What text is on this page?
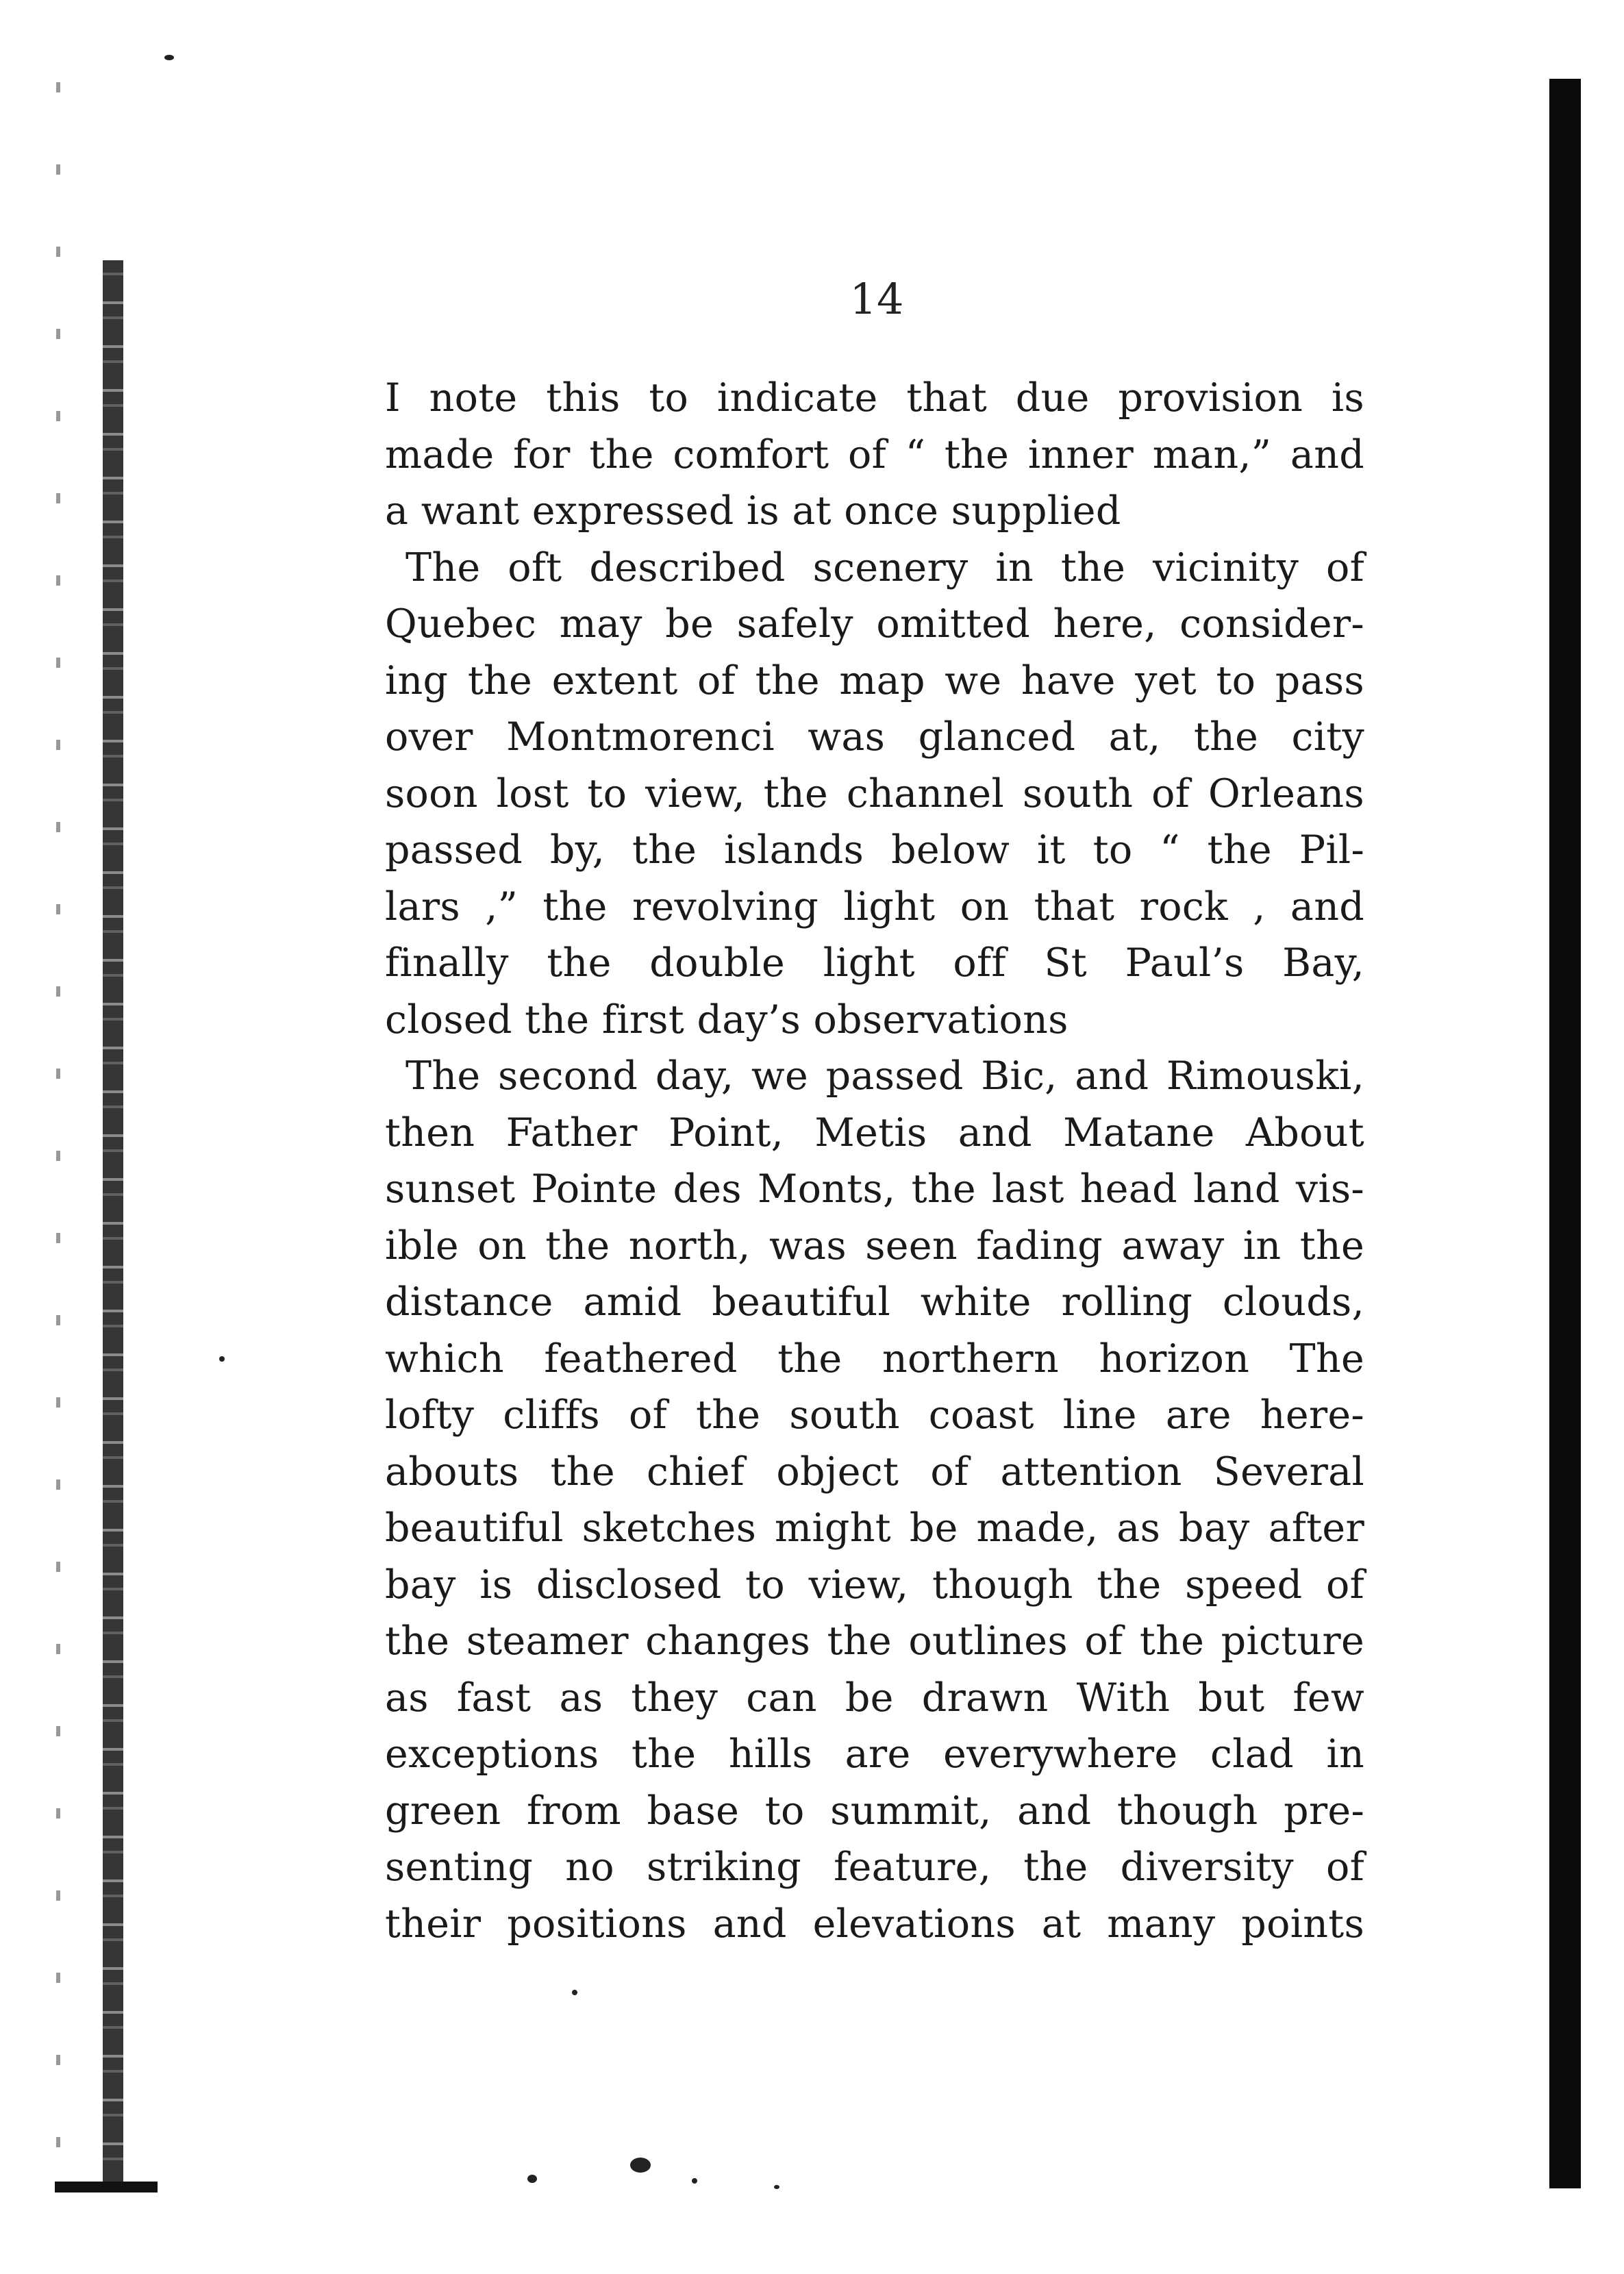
14
I note this to indicate that due provision is
made for the comfort of “ the inner man,” and
a want expressed is at once supplied
The oft described scenery in the vicinity of
Quebec may be safely omitted here, consider-
ing the extent of the map we have yet to pass
over Montmorenci was glanced at, the city
soon lost to view, the channel south of Orleans
passed by, the islands below it to “ the Pil-
lars ,” the revolving light on that rock , and
finally the double light off St Paul’s Bay,
closed the first day’s observations
The second day, we passed Bic, and Rimouski,
then Father Point, Metis and Matane About
sunset Pointe des Monts, the last head land vis-
ible on the north, was seen fading away in the
distance amid beautiful white rolling clouds,
which feathered the northern horizon The
lofty cliffs of the south coast line are here-
abouts the chief object of attention Several
beautiful sketches might be made, as bay after
bay is disclosed to view, though the speed of
the steamer changes the outlines of the picture
as fast as they can be drawn With but few
exceptions the hills are everywhere clad in
green from base to summit, and though pre-
senting no striking feature, the diversity of
their positions and elevations at many points
